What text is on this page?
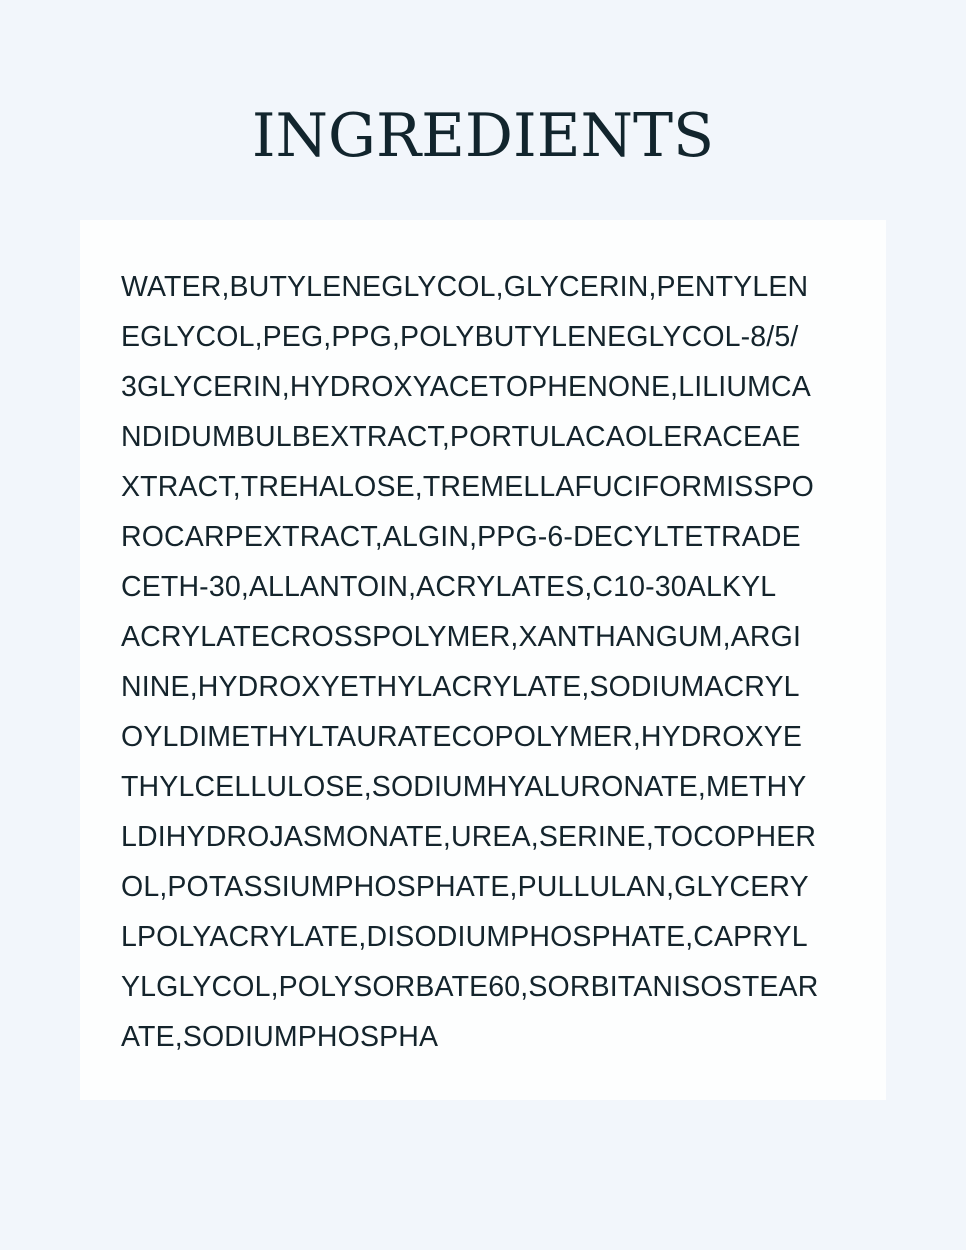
INGREDIENTS
WATER,BUTYLENEGLYCOL,GLYCERIN,PENTYLEN
EGLYCOL,PEG,PPG,POLYBUTYLENEGLYCOL-8/5/
3GLYCERIN,HYDROXYACETOPHENONE,LILIUMCA
NDIDUMBULBEXTRACT,PORTULACAOLERACEAE
XTRACT,TREHALOSE,TREMELLAFUCIFORMISSPO
ROCARPEXTRACT,ALGIN,PPG-6-DECYLTETRADE
CETH-30,ALLANTOIN,ACRYLATES,C10-30ALKYL
ACRYLATECROSSPOLYMER,XANTHANGUM,ARGI
NINE,HYDROXYETHYLACRYLATE,SODIUMACRYL
OYLDIMETHYLTAURATECOPOLYMER,HYDROXYE
THYLCELLULOSE,SODIUMHYALURONATE,METHY
LDIHYDROJASMONATE,UREA,SERINE,TOCOPHER
OL,POTASSIUMPHOSPHATE,PULLULAN,GLYCERY
LPOLYACRYLATE,DISODIUMPHOSPHATE,CAPRYL
YLGLYCOL,POLYSORBATE60,SORBITANISOSTEAR
ATE,SODIUMPHOSPHA
